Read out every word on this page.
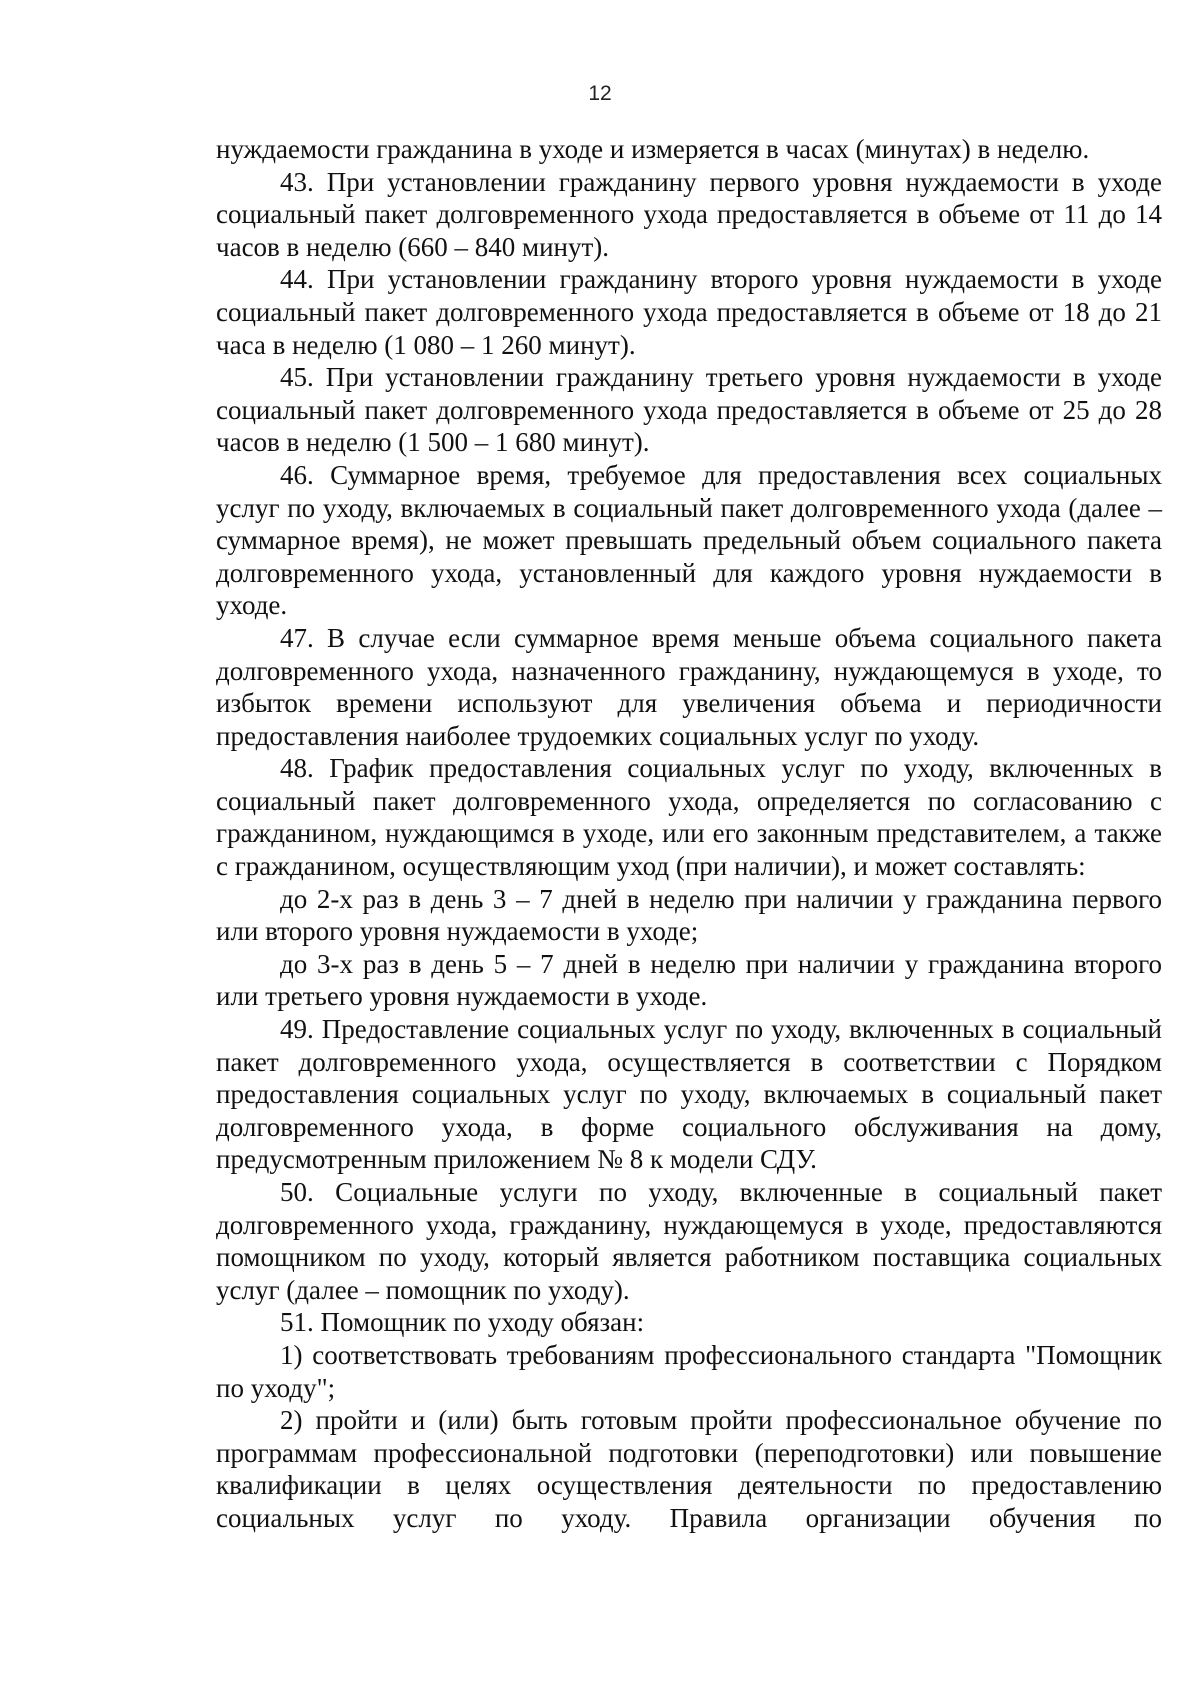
12

нуждаемости гражданина в уходе и измеряется в часах (минутах) в неделю.

43. При установлении гражданину первого уровня нуждаемости в уходе социальный пакет долговременного ухода предоставляется в объеме от 11 до 14 часов в неделю (660 – 840 минут).

44. При установлении гражданину второго уровня нуждаемости в уходе социальный пакет долговременного ухода предоставляется в объеме от 18 до 21 часа в неделю (1 080 – 1 260 минут).

45. При установлении гражданину третьего уровня нуждаемости в уходе социальный пакет долговременного ухода предоставляется в объеме от 25 до 28 часов в неделю (1 500 – 1 680 минут).

46. Суммарное время, требуемое для предоставления всех социальных услуг по уходу, включаемых в социальный пакет долговременного ухода (далее – суммарное время), не может превышать предельный объем социального пакета долговременного ухода, установленный для каждого уровня нуждаемости в уходе.

47. В случае если суммарное время меньше объема социального пакета долговременного ухода, назначенного гражданину, нуждающемуся в уходе, то избыток времени используют для увеличения объема и периодичности предоставления наиболее трудоемких социальных услуг по уходу.

48. График предоставления социальных услуг по уходу, включенных в социальный пакет долговременного ухода, определяется по согласованию с гражданином, нуждающимся в уходе, или его законным представителем, а также с гражданином, осуществляющим уход (при наличии), и может составлять:

до 2-х раз в день 3 – 7 дней в неделю при наличии у гражданина первого или второго уровня нуждаемости в уходе;

до 3-х раз в день 5 – 7 дней в неделю при наличии у гражданина второго или третьего уровня нуждаемости в уходе.

49. Предоставление социальных услуг по уходу, включенных в социальный пакет долговременного ухода, осуществляется в соответствии с Порядком предоставления социальных услуг по уходу, включаемых в социальный пакет долговременного ухода, в форме социального обслуживания на дому, предусмотренным приложением № 8 к модели СДУ.

50. Социальные услуги по уходу, включенные в социальный пакет долговременного ухода, гражданину, нуждающемуся в уходе, предоставляются помощником по уходу, который является работником поставщика социальных услуг (далее – помощник по уходу).

51. Помощник по уходу обязан:

1) соответствовать требованиям профессионального стандарта "Помощник по уходу";

2) пройти и (или) быть готовым пройти профессиональное обучение по программам профессиональной подготовки (переподготовки) или повышение квалификации в целях осуществления деятельности по предоставлению социальных услуг по уходу. Правила организации обучения по
